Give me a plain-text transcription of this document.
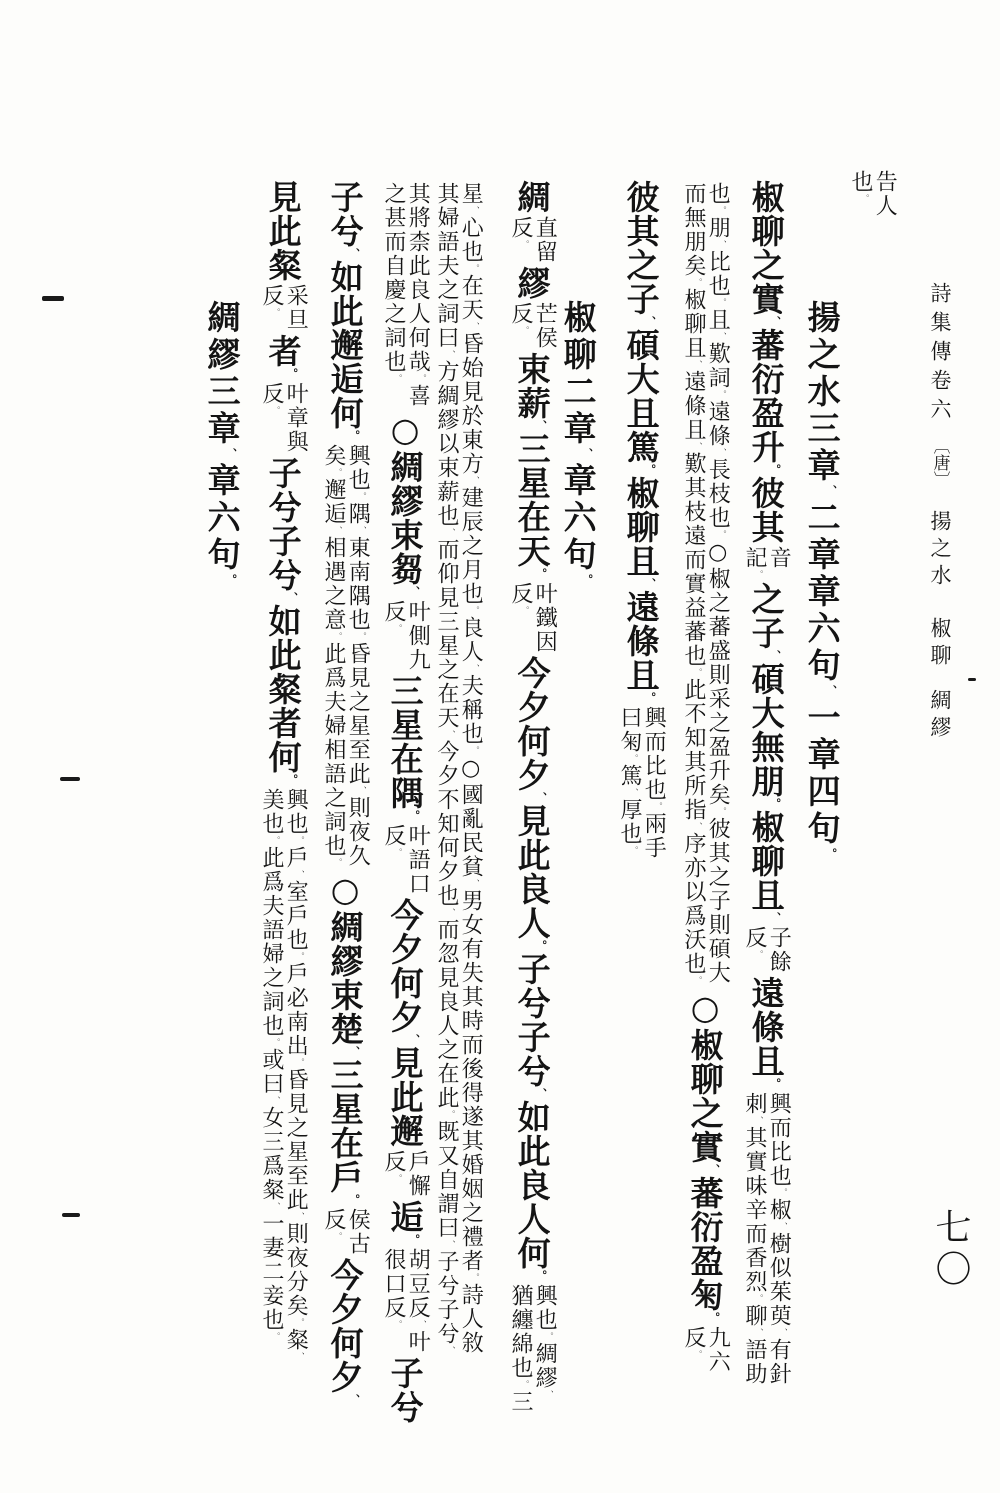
詩集傳卷六
〔唐〕
揚之水
椒聊
綢繆
七〇
告人
也。
揚之水三章、二章章六句、一章四句。
椒聊之實、蕃衍盈升。彼其
音
記。
之子、碩大無朋。椒聊且、
子餘
反。
遠條且。
興而比也。椒、樹似茱萸、有針
刺、其實味辛而香烈。聊、語助
也。朋、比也。且、歎詞。遠條、長枝也。○椒之蕃盛則采之盈升矣。彼其之子則碩大
而無朋矣。椒聊且、遠條且、歎其枝遠而實益蕃也。此不知其所指、序亦以爲沃也。
○椒聊之實、蕃衍盈匊。
九六
反。
彼其之子、碩大且篤。椒聊且、遠條且。
興而比也。兩手
曰匊。篤、厚也。
椒聊二章、章六句。
綢
直留
反。
繆
芒侯
反。
束薪、三星在天。
叶鐵因
反。
今夕何夕、見此良人。子兮子兮、如此良人何。
興也。綢繆、
猶纏綿也。三
星、心也。在天、昏始見於東方、建辰之月也。良人、夫稱也。○國亂民貧、男女有失其時而後得遂其婚姻之禮者。詩人敘
其婦語夫之詞曰、方綢繆以束薪也、而仰見三星之在天、今夕不知何夕也、而忽見良人之在此。既又自謂曰、子兮子兮、
其將柰此良人何哉。喜
之甚而自慶之詞也。
○綢繆束芻、
叶側九
反。
三星在隅。
叶語口
反。
今夕何夕、見此邂
戶懈
反。
逅。
胡豆反、叶
很口反。
子兮
子兮、如此邂逅何。
興也。隅、東南隅也。昏見之星至此、則夜久
矣。邂逅、相遇之意。此爲夫婦相語之詞也。
○綢繆束楚、三星在戶。
侯古
反。
今夕何夕、
見此粲
采旦
反。
者。
叶章與
反。
子兮子兮、如此粲者何。
興也。戶、室戶也。戶必南出。昏見之星至此、則夜分矣。粲、
美也。此爲夫語婦之詞也。或曰、女三爲粲、一妻二妾也。
綢繆三章、章六句。
